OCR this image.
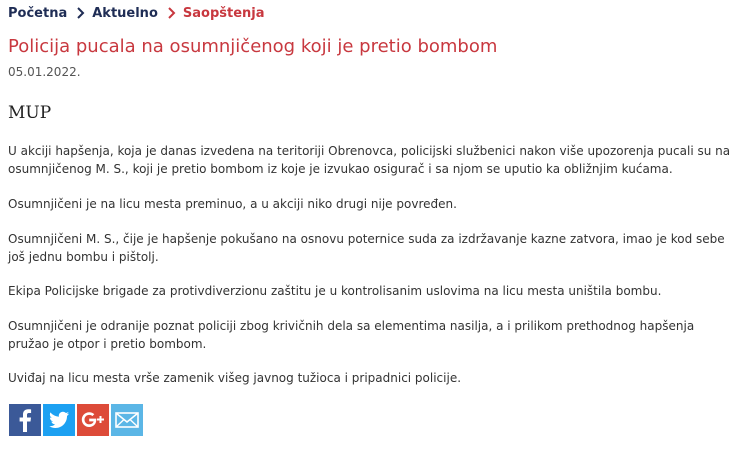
Početna Aktuelno Saopštenja
Policija pucala na osumnjičenog koji je pretio bombom
05.01.2022.
MUP

U akciji hapšenja, koja je danas izvedena na teritoriji Obrenovca, policijski službenici nakon više upozorenja pucali su na osumnjičenog M. S., koji je pretio bombom iz koje je izvukao osigurač i sa njom se uputio ka obližnjim kućama.

Osumnjičeni je na licu mesta preminuo, a u akciji niko drugi nije povređen.

Osumnjičeni M. S., čije je hapšenje pokušano na osnovu poternice suda za izdržavanje kazne zatvora, imao je kod sebe još jednu bombu i pištolj.

Ekipa Policijske brigade za protivdiverzionu zaštitu je u kontrolisanim uslovima na licu mesta uništila bombu.

Osumnjičeni je odranije poznat policiji zbog krivičnih dela sa elementima nasilja, a i prilikom prethodnog hapšenja pružao je otpor i pretio bombom.

Uviđaj na licu mesta vrše zamenik višeg javnog tužioca i pripadnici policije.
